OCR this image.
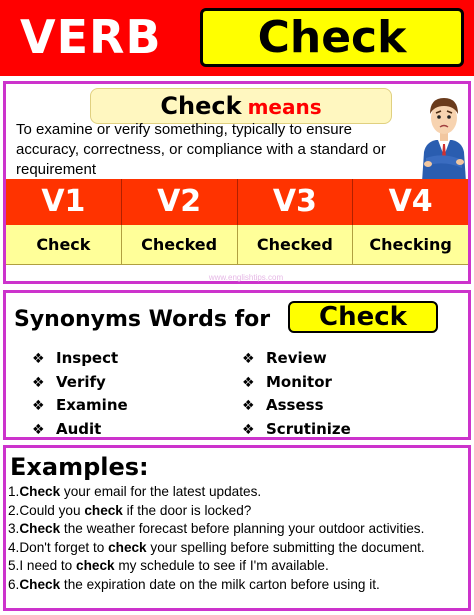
VERB	Check
Check means
To examine or verify something, typically to ensure accuracy, correctness, or compliance with a standard or requirement
V1	V2	V3	V4
Check	Checked	Checked	Checking
www.englishtips.com
Synonyms Words for	Check
❖ Inspect
❖ Verify
❖ Examine
❖ Audit
❖ Review
❖ Monitor
❖ Assess
❖ Scrutinize
Examples:
1.Check your email for the latest updates.
2.Could you check if the door is locked?
3.Check the weather forecast before planning your outdoor activities.
4.Don't forget to check your spelling before submitting the document.
5.I need to check my schedule to see if I'm available.
6.Check the expiration date on the milk carton before using it.
